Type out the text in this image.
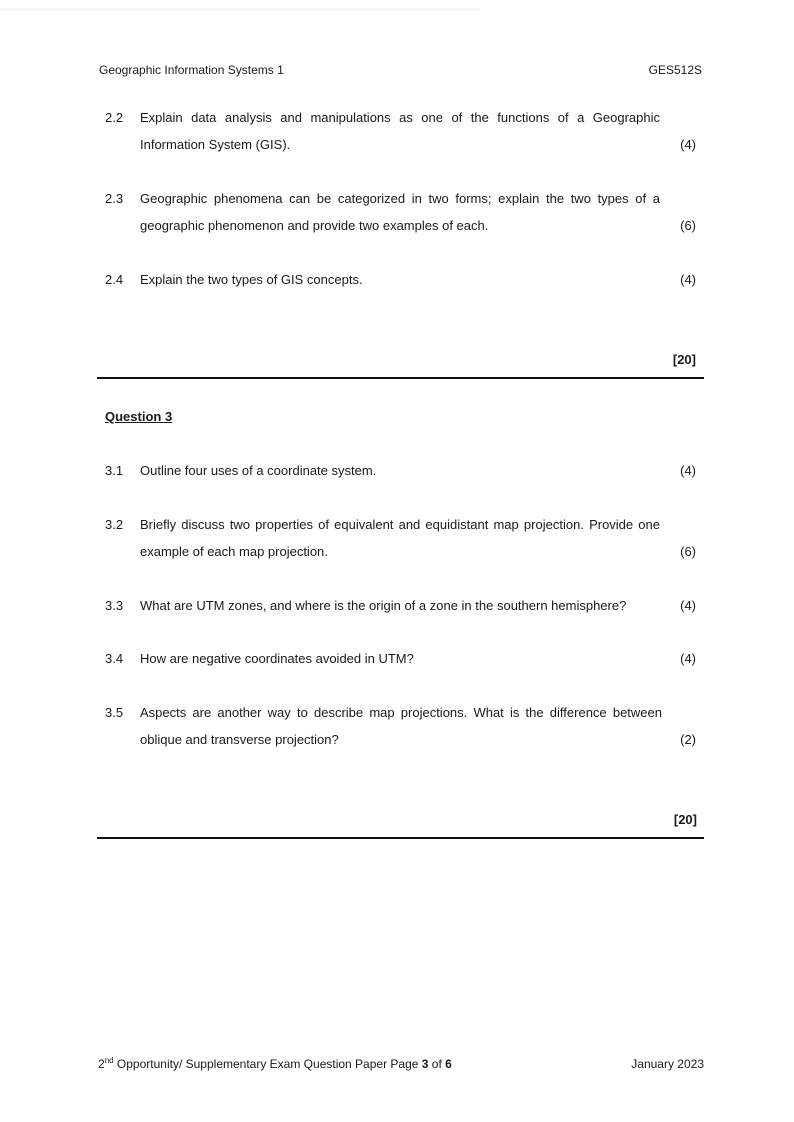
Geographic Information Systems 1	GES512S
2.2 Explain data analysis and manipulations as one of the functions of a Geographic Information System (GIS).	(4)
2.3 Geographic phenomena can be categorized in two forms; explain the two types of a geographic phenomenon and provide two examples of each.	(6)
2.4 Explain the two types of GIS concepts.	(4)
[20]
Question 3
3.1 Outline four uses of a coordinate system.	(4)
3.2 Briefly discuss two properties of equivalent and equidistant map projection. Provide one example of each map projection.	(6)
3.3 What are UTM zones, and where is the origin of a zone in the southern hemisphere?	(4)
3.4 How are negative coordinates avoided in UTM?	(4)
3.5 Aspects are another way to describe map projections. What is the difference between oblique and transverse projection?	(2)
[20]
2nd Opportunity/ Supplementary Exam Question Paper Page 3 of 6	January 2023
